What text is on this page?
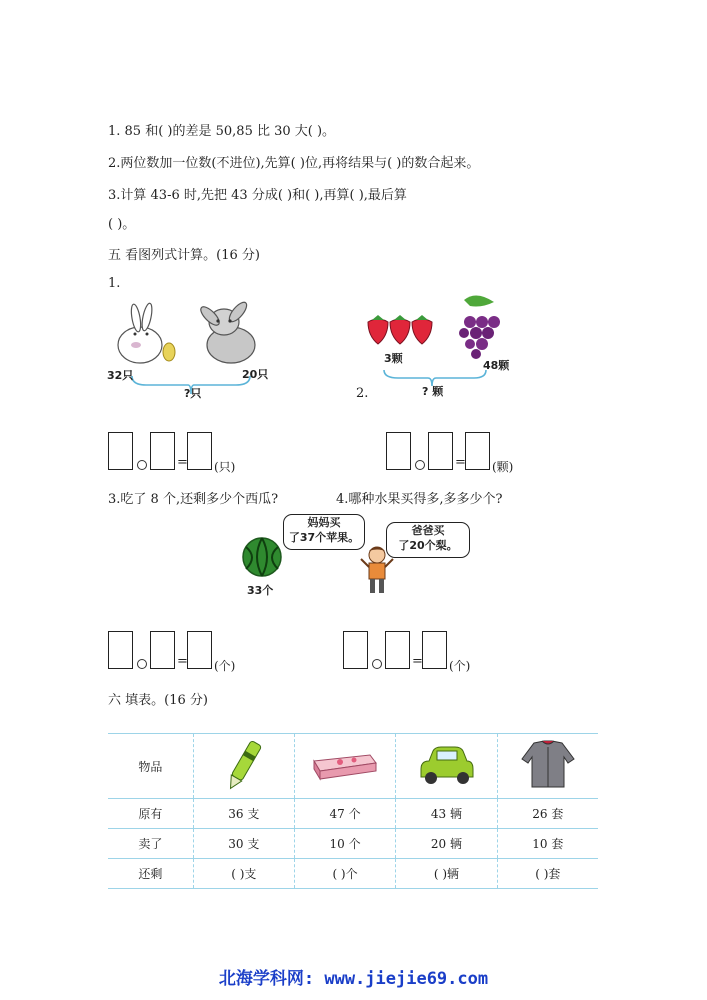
1. 85 和( )的差是 50,85 比 30 大( )。
2.两位数加一位数(不进位),先算( )位,再将结果与( )的数合起来。
3.计算 43-6 时,先把 43 分成( )和( ),再算( ),最后算
( )。
五 看图列式计算。(16 分)
1.
32只	20只
?只
3颗
48颗
? 颗
2.
= (只)	= (颗)
3.吃了 8 个,还剩多少个西瓜?	4.哪种水果买得多,多多少个?
33个
妈妈买
了37个苹果。
爸爸买
了20个梨。
= (个)	= (个)
六 填表。(16 分)
物品				
原有	36 支	47 个	43 辆	26 套
卖了	30 支	10 个	20 辆	10 套
还剩	( )支	( )个	( )辆	( )套
北海学科网: www.jiejie69.com
